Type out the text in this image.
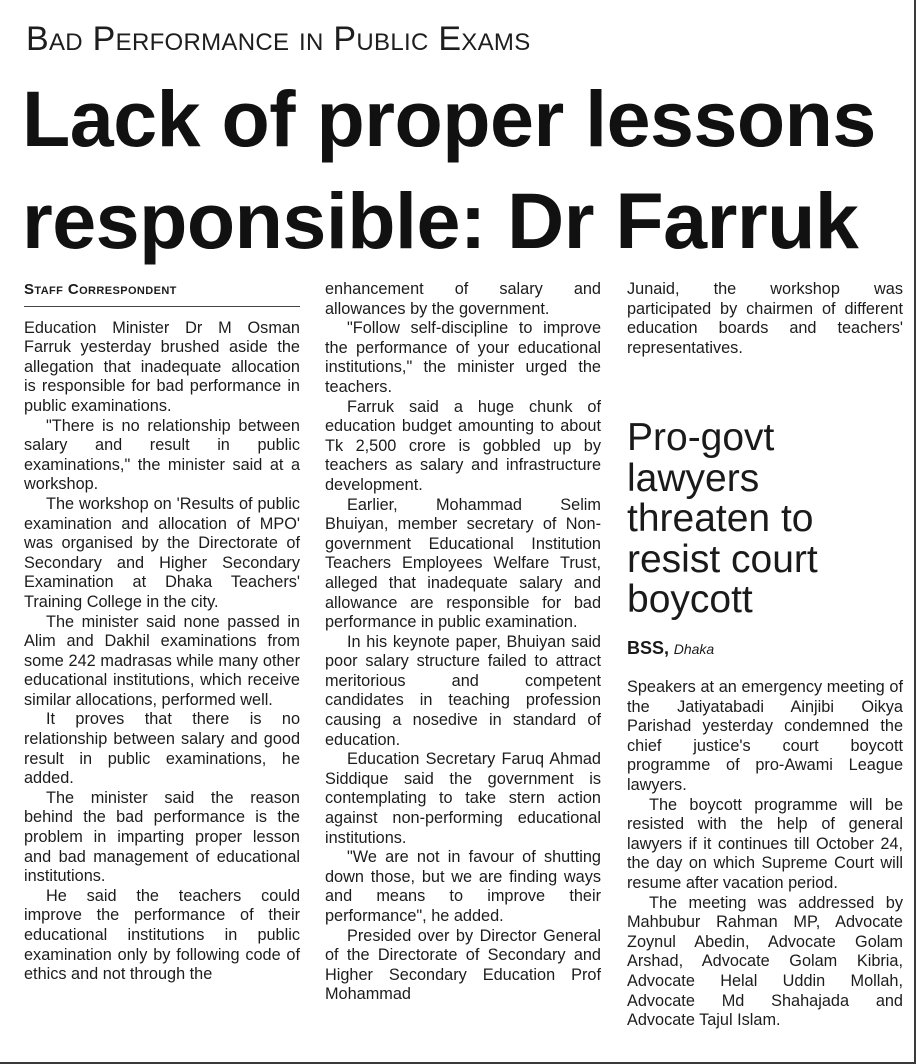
Bad Performance in Public Exams
Lack of proper lessons
responsible: Dr Farruk
Staff Correspondent

Education Minister Dr M Osman Farruk yesterday brushed aside the allegation that inadequate allocation is responsible for bad performance in public examinations.

"There is no relationship between salary and result in public examinations," the minister said at a workshop.

The workshop on 'Results of public examination and allocation of MPO' was organised by the Directorate of Secondary and Higher Secondary Examination at Dhaka Teachers' Training College in the city.

The minister said none passed in Alim and Dakhil examinations from some 242 madrasas while many other educational institutions, which receive similar allocations, performed well.

It proves that there is no relationship between salary and good result in public examinations, he added.

The minister said the reason behind the bad performance is the problem in imparting proper lesson and bad management of educational institutions.

He said the teachers could improve the performance of their educational institutions in public examination only by following code of ethics and not through the

enhancement of salary and allowances by the government.

"Follow self-discipline to improve the performance of your educational institutions," the minister urged the teachers.

Farruk said a huge chunk of education budget amounting to about Tk 2,500 crore is gobbled up by teachers as salary and infrastructure development.

Earlier, Mohammad Selim Bhuiyan, member secretary of Non-government Educational Institution Teachers Employees Welfare Trust, alleged that inadequate salary and allowance are responsible for bad performance in public examination.

In his keynote paper, Bhuiyan said poor salary structure failed to attract meritorious and competent candidates in teaching profession causing a nosedive in standard of education.

Education Secretary Faruq Ahmad Siddique said the government is contemplating to take stern action against non-performing educational institutions.

"We are not in favour of shutting down those, but we are finding ways and means to improve their performance", he added.

Presided over by Director General of the Directorate of Secondary and Higher Secondary Education Prof Mohammad

Junaid, the workshop was participated by chairmen of different education boards and teachers' representatives.

Pro-govt
lawyers
threaten to
resist court
boycott
BSS, Dhaka

Speakers at an emergency meeting of the Jatiyatabadi Ainjibi Oikya Parishad yesterday condemned the chief justice's court boycott programme of pro-Awami League lawyers.

The boycott programme will be resisted with the help of general lawyers if it continues till October 24, the day on which Supreme Court will resume after vacation period.

The meeting was addressed by Mahbubur Rahman MP, Advocate Zoynul Abedin, Advocate Golam Arshad, Advocate Golam Kibria, Advocate Helal Uddin Mollah, Advocate Md Shahajada and Advocate Tajul Islam.
